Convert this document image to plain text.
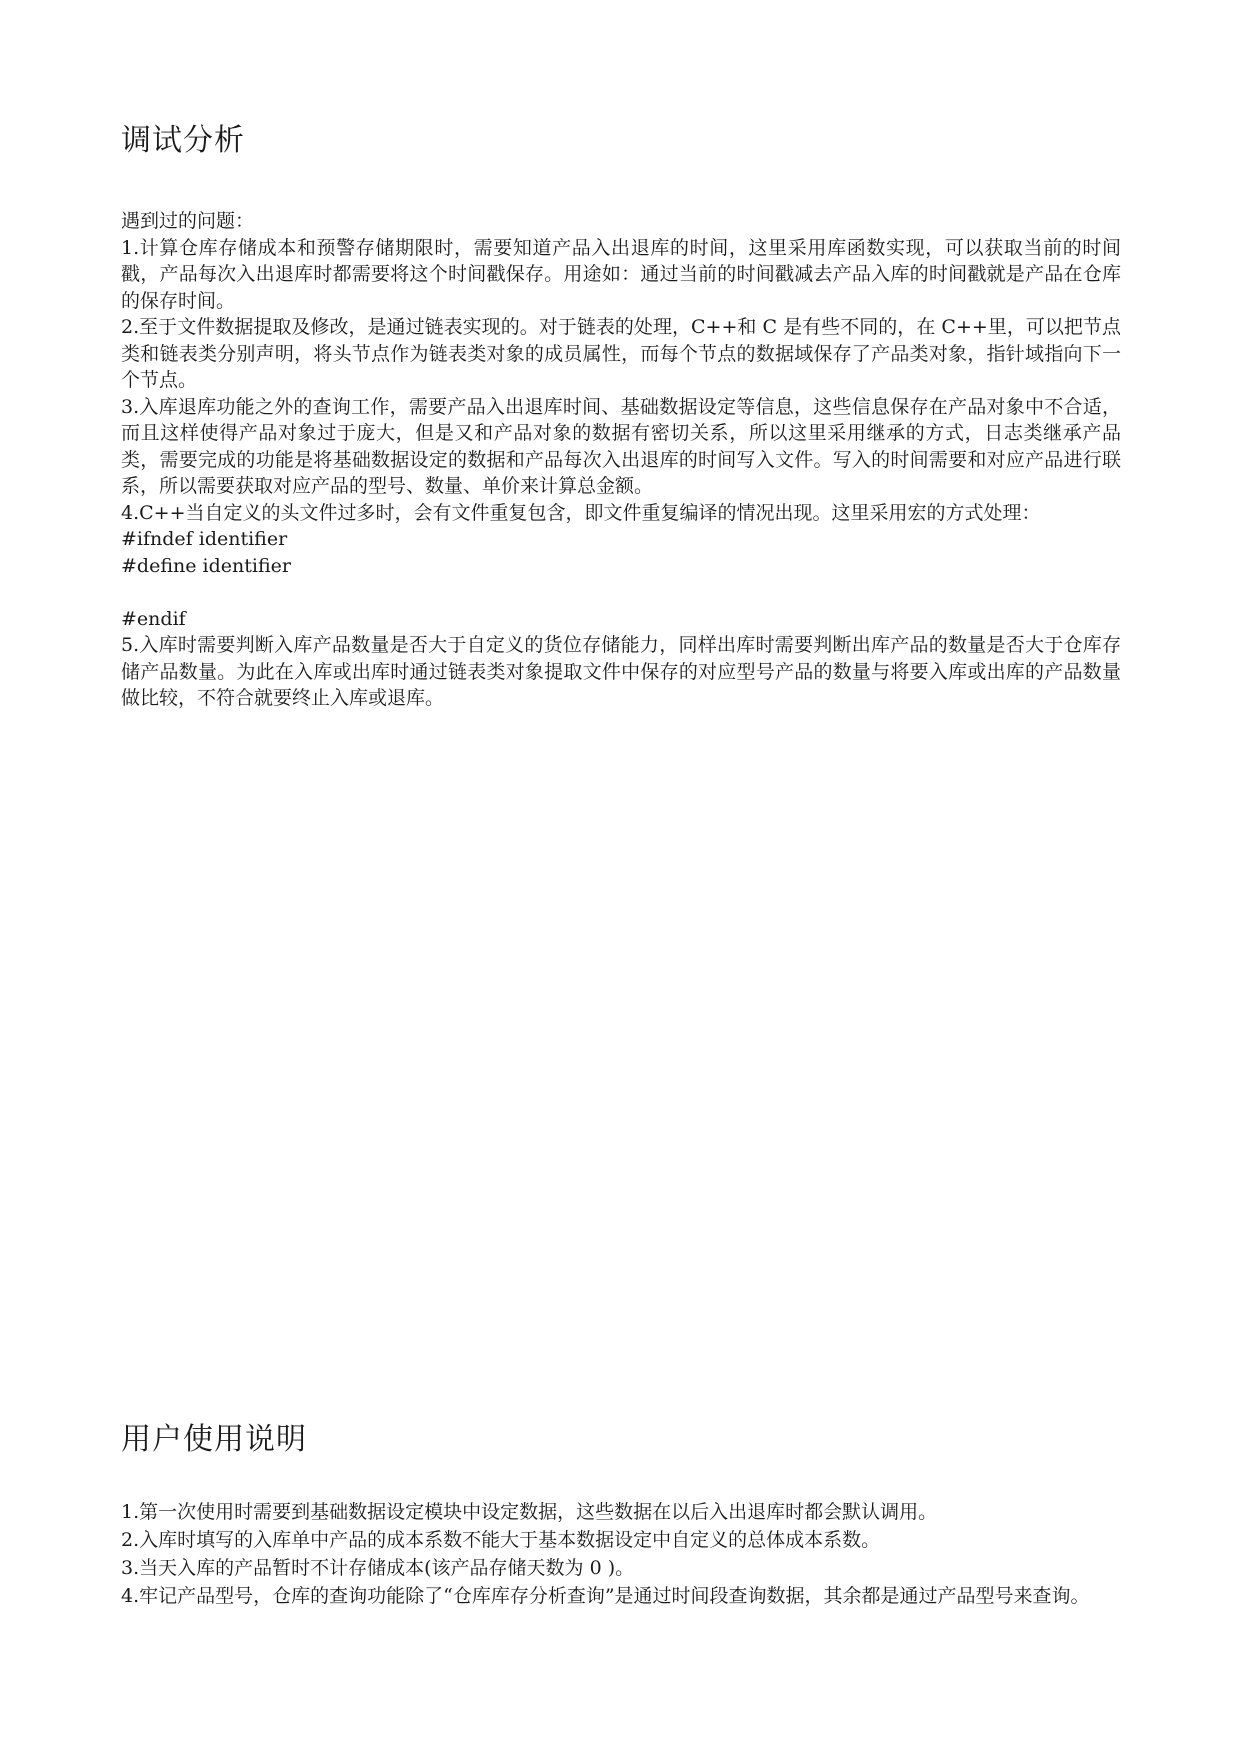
调试分析

遇到过的问题：

1.计算仓库存储成本和预警存储期限时，需要知道产品入出退库的时间，这里采用库函数实现，可以获取当前的时间戳，产品每次入出退库时都需要将这个时间戳保存。用途如：通过当前的时间戳减去产品入库的时间戳就是产品在仓库的保存时间。

2.至于文件数据提取及修改，是通过链表实现的。对于链表的处理，C++和 C 是有些不同的，在 C++里，可以把节点类和链表类分别声明，将头节点作为链表类对象的成员属性，而每个节点的数据域保存了产品类对象，指针域指向下一个节点。

3.入库退库功能之外的查询工作，需要产品入出退库时间、基础数据设定等信息，这些信息保存在产品对象中不合适，而且这样使得产品对象过于庞大，但是又和产品对象的数据有密切关系，所以这里采用继承的方式，日志类继承产品类，需要完成的功能是将基础数据设定的数据和产品每次入出退库的时间写入文件。写入的时间需要和对应产品进行联系，所以需要获取对应产品的型号、数量、单价来计算总金额。

4.C++当自定义的头文件过多时，会有文件重复包含，即文件重复编译的情况出现。这里采用宏的方式处理：

#ifndef identifier

#define identifier

#endif

5.入库时需要判断入库产品数量是否大于自定义的货位存储能力，同样出库时需要判断出库产品的数量是否大于仓库存储产品数量。为此在入库或出库时通过链表类对象提取文件中保存的对应型号产品的数量与将要入库或出库的产品数量做比较，不符合就要终止入库或退库。

用户使用说明

1.第一次使用时需要到基础数据设定模块中设定数据，这些数据在以后入出退库时都会默认调用。

2.入库时填写的入库单中产品的成本系数不能大于基本数据设定中自定义的总体成本系数。

3.当天入库的产品暂时不计存储成本(该产品存储天数为 0 )。

4.牢记产品型号，仓库的查询功能除了“仓库库存分析查询”是通过时间段查询数据，其余都是通过产品型号来查询。
